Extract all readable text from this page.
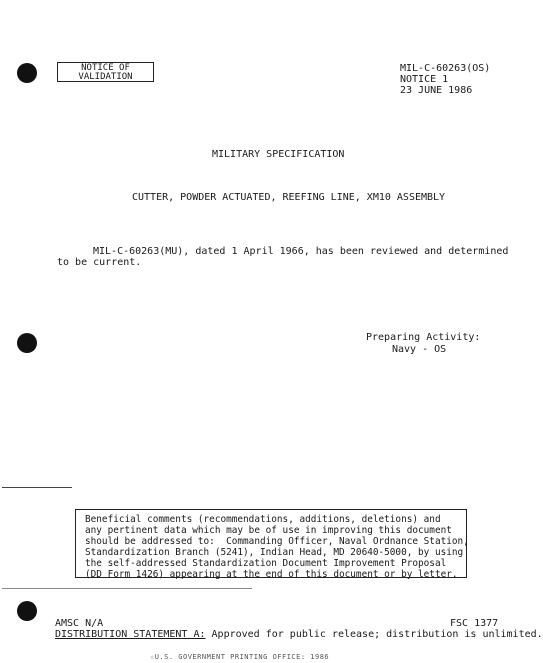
NOTICE OF
VALIDATION
MIL-C-60263(OS)
NOTICE 1
23 JUNE 1986
MILITARY SPECIFICATION
CUTTER, POWDER ACTUATED, REEFING LINE, XM10 ASSEMBLY
MIL-C-60263(MU), dated 1 April 1966, has been reviewed and determined
to be current.
Preparing Activity:
Navy - OS
Beneficial comments (recommendations, additions, deletions) and
any pertinent data which may be of use in improving this document
should be addressed to:  Commanding Officer, Naval Ordnance Station,
Standardization Branch (5241), Indian Head, MD 20640-5000, by using
the self-addressed Standardization Document Improvement Proposal
(DD Form 1426) appearing at the end of this document or by letter.
AMSC N/A	FSC 1377
DISTRIBUTION STATEMENT A: Approved for public release; distribution is unlimited.
☆U.S. GOVERNMENT PRINTING OFFICE: 1986
